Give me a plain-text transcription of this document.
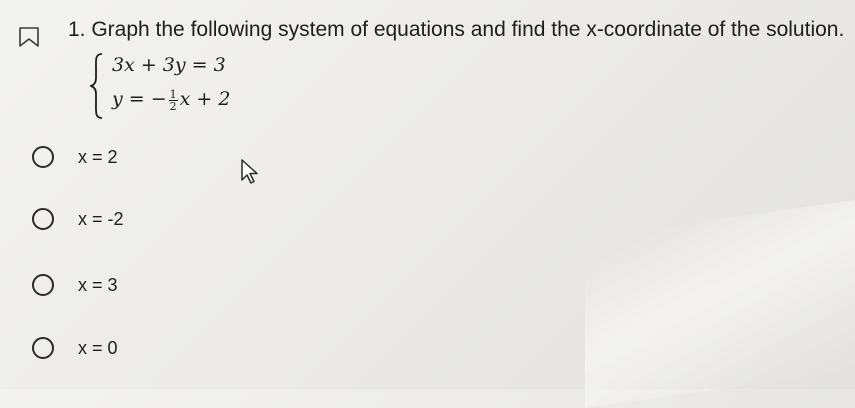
1. Graph the following system of equations and find the x-coordinate of the solution.
3x + 3y = 3
y = − $\frac{1}{2}$ x + 2
x = 2
x = -2
x = 3
x = 0
